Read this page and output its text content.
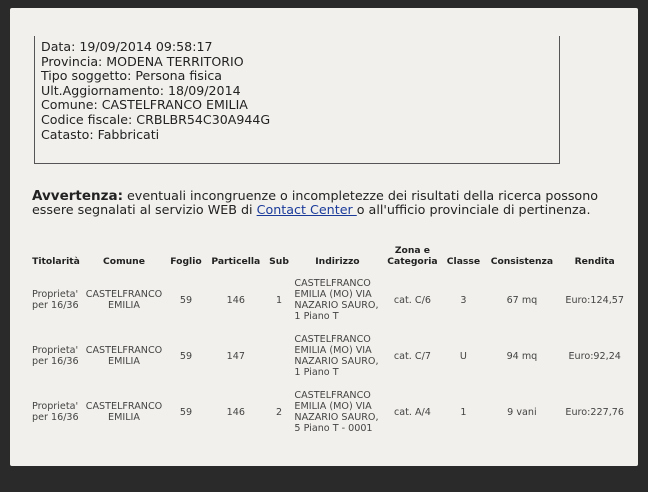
Data: 19/09/2014 09:58:17
Provincia: MODENA TERRITORIO
Tipo soggetto: Persona fisica
Ult.Aggiornamento: 18/09/2014
Comune: CASTELFRANCO EMILIA
Codice fiscale: CRBLBR54C30A944G
Catasto: Fabbricati
Avvertenza: eventuali incongruenze o incompletezze dei risultati della ricerca possono essere segnalati al servizio WEB di Contact Center o all'ufficio provinciale di pertinenza.
Titolarità	Comune	Foglio	Particella	Sub	Indirizzo	Zona e Categoria	Classe	Consistenza	Rendita
Proprieta' per 16/36	CASTELFRANCO EMILIA	59	146	1	CASTELFRANCO EMILIA (MO) VIA NAZARIO SAURO, 1 Piano T	cat. C/6	3	67 mq	Euro:124,57
Proprieta' per 16/36	CASTELFRANCO EMILIA	59	147		CASTELFRANCO EMILIA (MO) VIA NAZARIO SAURO, 1 Piano T	cat. C/7	U	94 mq	Euro:92,24
Proprieta' per 16/36	CASTELFRANCO EMILIA	59	146	2	CASTELFRANCO EMILIA (MO) VIA NAZARIO SAURO, 5 Piano T - 0001	cat. A/4	1	9 vani	Euro:227,76
